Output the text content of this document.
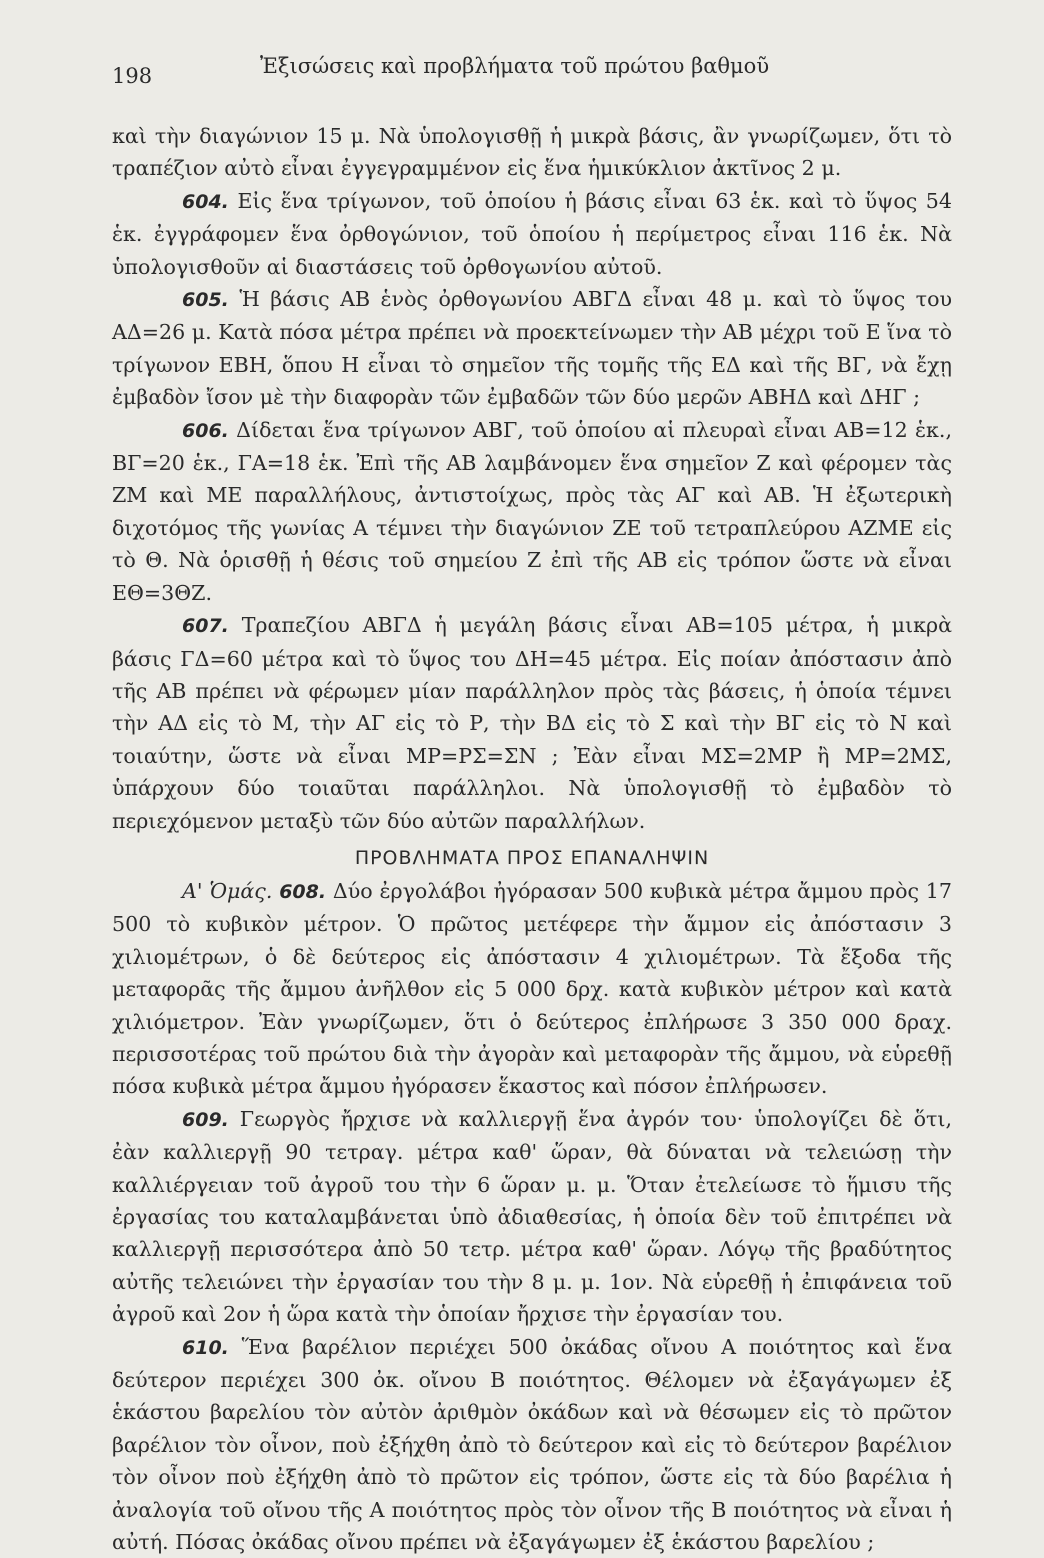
198	Ἐξισώσεις καὶ προβλήματα τοῦ πρώτου βαθμοῦ

καὶ τὴν διαγώνιον 15 μ. Νὰ ὑπολογισθῇ ἡ μικρὰ βάσις, ἂν γνωρίζωμεν, ὅτι τὸ τραπέζιον αὐτὸ εἶναι ἐγγεγραμμένον εἰς ἕνα ἡμικύκλιον ἀκτῖνος 2 μ.

604. Εἰς ἕνα τρίγωνον, τοῦ ὁποίου ἡ βάσις εἶναι 63 ἑκ. καὶ τὸ ὕψος 54 ἑκ. ἐγγράφομεν ἕνα ὀρθογώνιον, τοῦ ὁποίου ἡ περίμετρος εἶναι 116 ἑκ. Νὰ ὑπολογισθοῦν αἱ διαστάσεις τοῦ ὀρθογωνίου αὐτοῦ.

605. Ἡ βάσις ΑΒ ἑνὸς ὀρθογωνίου ΑΒΓΔ εἶναι 48 μ. καὶ τὸ ὕψος του ΑΔ=26 μ. Κατὰ πόσα μέτρα πρέπει νὰ προεκτείνωμεν τὴν ΑΒ μέχρι τοῦ Ε ἵνα τὸ τρίγωνον ΕΒΗ, ὅπου Η εἶναι τὸ σημεῖον τῆς τομῆς τῆς ΕΔ καὶ τῆς ΒΓ, νὰ ἔχῃ ἐμβαδὸν ἴσον μὲ τὴν διαφορὰν τῶν ἐμβαδῶν τῶν δύο μερῶν ΑΒΗΔ καὶ ΔΗΓ ;

606. Δίδεται ἕνα τρίγωνον ΑΒΓ, τοῦ ὁποίου αἱ πλευραὶ εἶναι ΑΒ=12 ἑκ., ΒΓ=20 ἑκ., ΓΑ=18 ἑκ. Ἐπὶ τῆς ΑΒ λαμβάνομεν ἕνα σημεῖον Ζ καὶ φέρομεν τὰς ΖΜ καὶ ΜΕ παραλλήλους, ἀντιστοίχως, πρὸς τὰς ΑΓ καὶ ΑΒ. Ἡ ἐξωτερικὴ διχοτόμος τῆς γωνίας Α τέμνει τὴν διαγώνιον ΖΕ τοῦ τετραπλεύρου ΑΖΜΕ εἰς τὸ Θ. Νὰ ὁρισθῇ ἡ θέσις τοῦ σημείου Ζ ἐπὶ τῆς ΑΒ εἰς τρόπον ὥστε νὰ εἶναι ΕΘ=3ΘΖ.

607. Τραπεζίου ΑΒΓΔ ἡ μεγάλη βάσις εἶναι ΑΒ=105 μέτρα, ἡ μικρὰ βάσις ΓΔ=60 μέτρα καὶ τὸ ὕψος του ΔΗ=45 μέτρα. Εἰς ποίαν ἀπόστασιν ἀπὸ τῆς ΑΒ πρέπει νὰ φέρωμεν μίαν παράλληλον πρὸς τὰς βάσεις, ἡ ὁποία τέμνει τὴν ΑΔ εἰς τὸ Μ, τὴν ΑΓ εἰς τὸ Ρ, τὴν ΒΔ εἰς τὸ Σ καὶ τὴν ΒΓ εἰς τὸ Ν καὶ τοιαύτην, ὥστε νὰ εἶναι ΜΡ=ΡΣ=ΣΝ ; Ἐὰν εἶναι ΜΣ=2ΜΡ ἢ ΜΡ=2ΜΣ, ὑπάρχουν δύο τοιαῦται παράλληλοι. Νὰ ὑπολογισθῇ τὸ ἐμβαδὸν τὸ περιεχόμενον μεταξὺ τῶν δύο αὐτῶν παραλλήλων.

ΠΡΟΒΛΗΜΑΤΑ ΠΡΟΣ ΕΠΑΝΑΛΗΨΙΝ

Α' Ὁμάς. 608. Δύο ἐργολάβοι ἠγόρασαν 500 κυβικὰ μέτρα ἄμμου πρὸς 17 500 τὸ κυβικὸν μέτρον. Ὁ πρῶτος μετέφερε τὴν ἄμμον εἰς ἀπόστασιν 3 χιλιομέτρων, ὁ δὲ δεύτερος εἰς ἀπόστασιν 4 χιλιομέτρων. Τὰ ἔξοδα τῆς μεταφορᾶς τῆς ἄμμου ἀνῆλθον εἰς 5 000 δρχ. κατὰ κυβικὸν μέτρον καὶ κατὰ χιλιόμετρον. Ἐὰν γνωρίζωμεν, ὅτι ὁ δεύτερος ἐπλήρωσε 3 350 000 δραχ. περισσοτέρας τοῦ πρώτου διὰ τὴν ἀγορὰν καὶ μεταφορὰν τῆς ἄμμου, νὰ εὑρεθῇ πόσα κυβικὰ μέτρα ἄμμου ἠγόρασεν ἕκαστος καὶ πόσον ἐπλήρωσεν.

609. Γεωργὸς ἤρχισε νὰ καλλιεργῇ ἕνα ἀγρόν του· ὑπολογίζει δὲ ὅτι, ἐὰν καλλιεργῇ 90 τετραγ. μέτρα καθ' ὥραν, θὰ δύναται νὰ τελειώσῃ τὴν καλλιέργειαν τοῦ ἀγροῦ του τὴν 6 ὥραν μ. μ. Ὅταν ἐτελείωσε τὸ ἥμισυ τῆς ἐργασίας του καταλαμβάνεται ὑπὸ ἀδιαθεσίας, ἡ ὁποία δὲν τοῦ ἐπιτρέπει νὰ καλλιεργῇ περισσότερα ἀπὸ 50 τετρ. μέτρα καθ' ὥραν. Λόγῳ τῆς βραδύτητος αὐτῆς τελειώνει τὴν ἐργασίαν του τὴν 8 μ. μ. 1ον. Νὰ εὑρεθῇ ἡ ἐπιφάνεια τοῦ ἀγροῦ καὶ 2ον ἡ ὥρα κατὰ τὴν ὁποίαν ἤρχισε τὴν ἐργασίαν του.

610. Ἕνα βαρέλιον περιέχει 500 ὀκάδας οἴνου Α ποιότητος καὶ ἕνα δεύτερον περιέχει 300 ὀκ. οἴνου Β ποιότητος. Θέλομεν νὰ ἐξαγάγωμεν ἐξ ἑκάστου βαρελίου τὸν αὐτὸν ἀριθμὸν ὀκάδων καὶ νὰ θέσωμεν εἰς τὸ πρῶτον βαρέλιον τὸν οἶνον, ποὺ ἐξήχθη ἀπὸ τὸ δεύτερον καὶ εἰς τὸ δεύτερον βαρέλιον τὸν οἶνον ποὺ ἐξήχθη ἀπὸ τὸ πρῶτον εἰς τρόπον, ὥστε εἰς τὰ δύο βαρέλια ἡ ἀναλογία τοῦ οἴνου τῆς Α ποιότητος πρὸς τὸν οἶνον τῆς Β ποιότητος νὰ εἶναι ἡ αὐτή. Πόσας ὀκάδας οἴνου πρέπει νὰ ἐξαγάγωμεν ἐξ ἑκάστου βαρελίου ;
